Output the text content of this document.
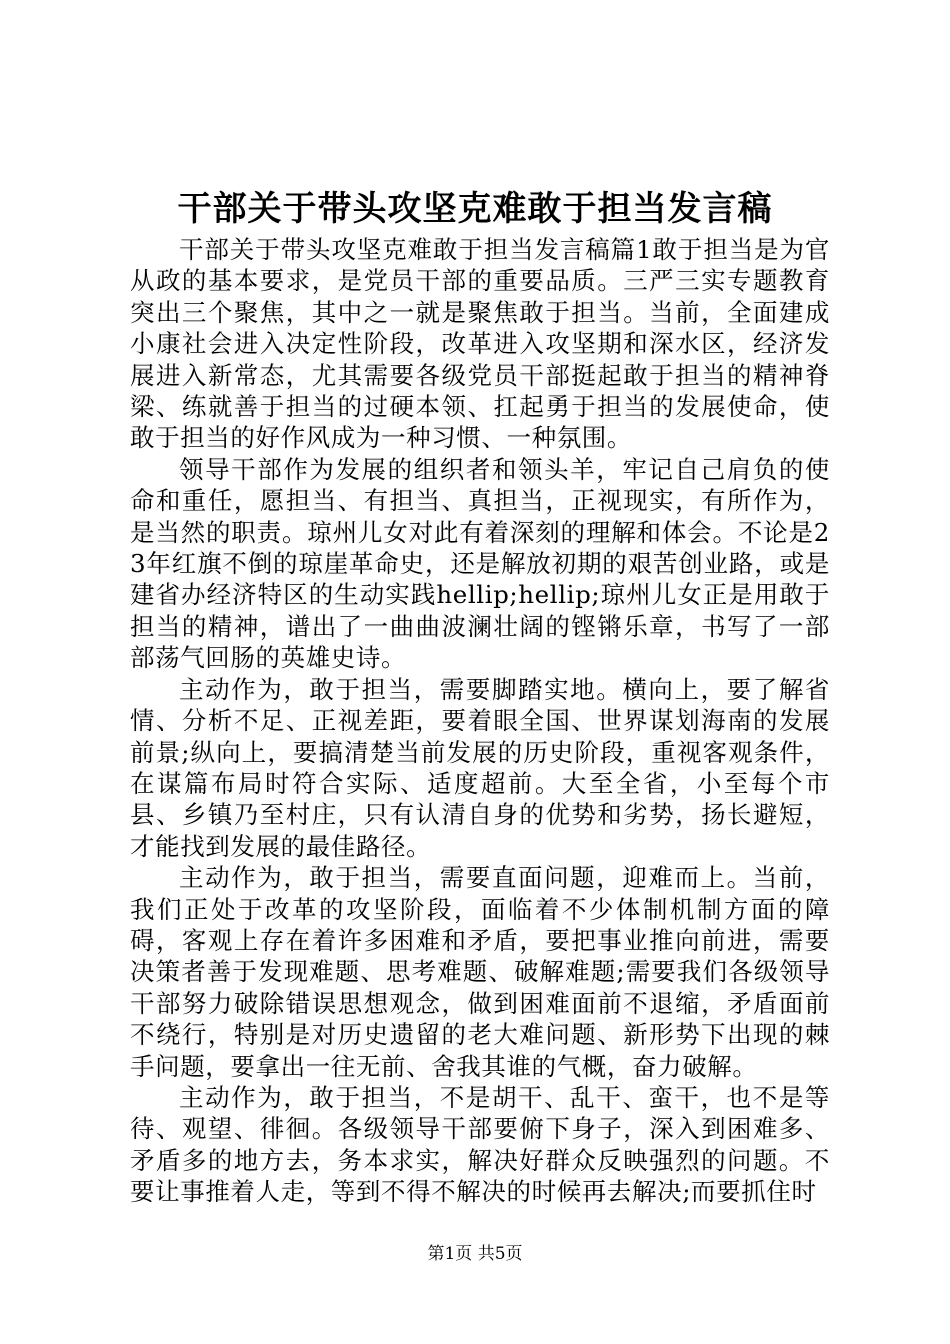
干部关于带头攻坚克难敢于担当发言稿

干部关于带头攻坚克难敢于担当发言稿篇1敢于担当是为官从政的基本要求，是党员干部的重要品质。三严三实专题教育突出三个聚焦，其中之一就是聚焦敢于担当。当前，全面建成小康社会进入决定性阶段，改革进入攻坚期和深水区，经济发展进入新常态，尤其需要各级党员干部挺起敢于担当的精神脊梁、练就善于担当的过硬本领、扛起勇于担当的发展使命，使敢于担当的好作风成为一种习惯、一种氛围。

领导干部作为发展的组织者和领头羊，牢记自己肩负的使命和重任，愿担当、有担当、真担当，正视现实，有所作为，是当然的职责。琼州儿女对此有着深刻的理解和体会。不论是23年红旗不倒的琼崖革命史，还是解放初期的艰苦创业路，或是建省办经济特区的生动实践hellip;hellip;琼州儿女正是用敢于担当的精神，谱出了一曲曲波澜壮阔的铿锵乐章，书写了一部部荡气回肠的英雄史诗。

主动作为，敢于担当，需要脚踏实地。横向上，要了解省情、分析不足、正视差距，要着眼全国、世界谋划海南的发展前景;纵向上，要搞清楚当前发展的历史阶段，重视客观条件，在谋篇布局时符合实际、适度超前。大至全省，小至每个市县、乡镇乃至村庄，只有认清自身的优势和劣势，扬长避短，才能找到发展的最佳路径。

主动作为，敢于担当，需要直面问题，迎难而上。当前，我们正处于改革的攻坚阶段，面临着不少体制机制方面的障碍，客观上存在着许多困难和矛盾，要把事业推向前进，需要决策者善于发现难题、思考难题、破解难题;需要我们各级领导干部努力破除错误思想观念，做到困难面前不退缩，矛盾面前不绕行，特别是对历史遗留的老大难问题、新形势下出现的棘手问题，要拿出一往无前、舍我其谁的气概，奋力破解。

主动作为，敢于担当，不是胡干、乱干、蛮干，也不是等待、观望、徘徊。各级领导干部要俯下身子，深入到困难多、矛盾多的地方去，务本求实，解决好群众反映强烈的问题。不要让事推着人走，等到不得不解决的时候再去解决;而要抓住时

第1页 共5页
